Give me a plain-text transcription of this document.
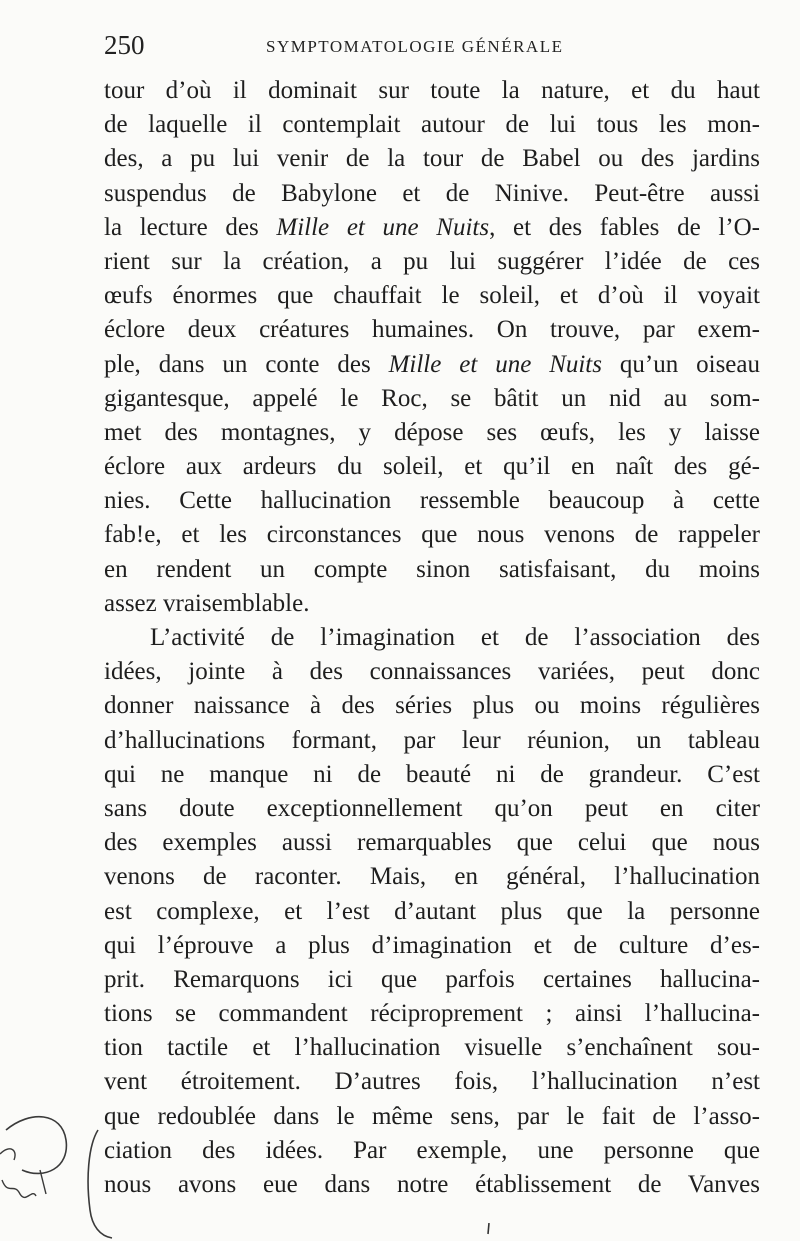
250	SYMPTOMATOLOGIE GÉNÉRALE
tour d’où il dominait sur toute la nature, et du haut
de laquelle il contemplait autour de lui tous les mon-
des, a pu lui venir de la tour de Babel ou des jardins
suspendus de Babylone et de Ninive. Peut-être aussi
la lecture des Mille et une Nuits, et des fables de l’O-
rient sur la création, a pu lui suggérer l’idée de ces
œufs énormes que chauffait le soleil, et d’où il voyait
éclore deux créatures humaines. On trouve, par exem-
ple, dans un conte des Mille et une Nuits qu’un oiseau
gigantesque, appelé le Roc, se bâtit un nid au som-
met des montagnes, y dépose ses œufs, les y laisse
éclore aux ardeurs du soleil, et qu’il en naît des gé-
nies. Cette hallucination ressemble beaucoup à cette
fab!e, et les circonstances que nous venons de rappeler
en rendent un compte sinon satisfaisant, du moins
assez vraisemblable.
L’activité de l’imagination et de l’association des
idées, jointe à des connaissances variées, peut donc
donner naissance à des séries plus ou moins régulières
d’hallucinations formant, par leur réunion, un tableau
qui ne manque ni de beauté ni de grandeur. C’est
sans doute exceptionnellement qu’on peut en citer
des exemples aussi remarquables que celui que nous
venons de raconter. Mais, en général, l’hallucination
est complexe, et l’est d’autant plus que la personne
qui l’éprouve a plus d’imagination et de culture d’es-
prit. Remarquons ici que parfois certaines hallucina-
tions se commandent réciproprement ; ainsi l’hallucina-
tion tactile et l’hallucination visuelle s’enchaînent sou-
vent étroitement. D’autres fois, l’hallucination n’est
que redoublée dans le même sens, par le fait de l’asso-
ciation des idées. Par exemple, une personne que
nous avons eue dans notre établissement de Vanves
